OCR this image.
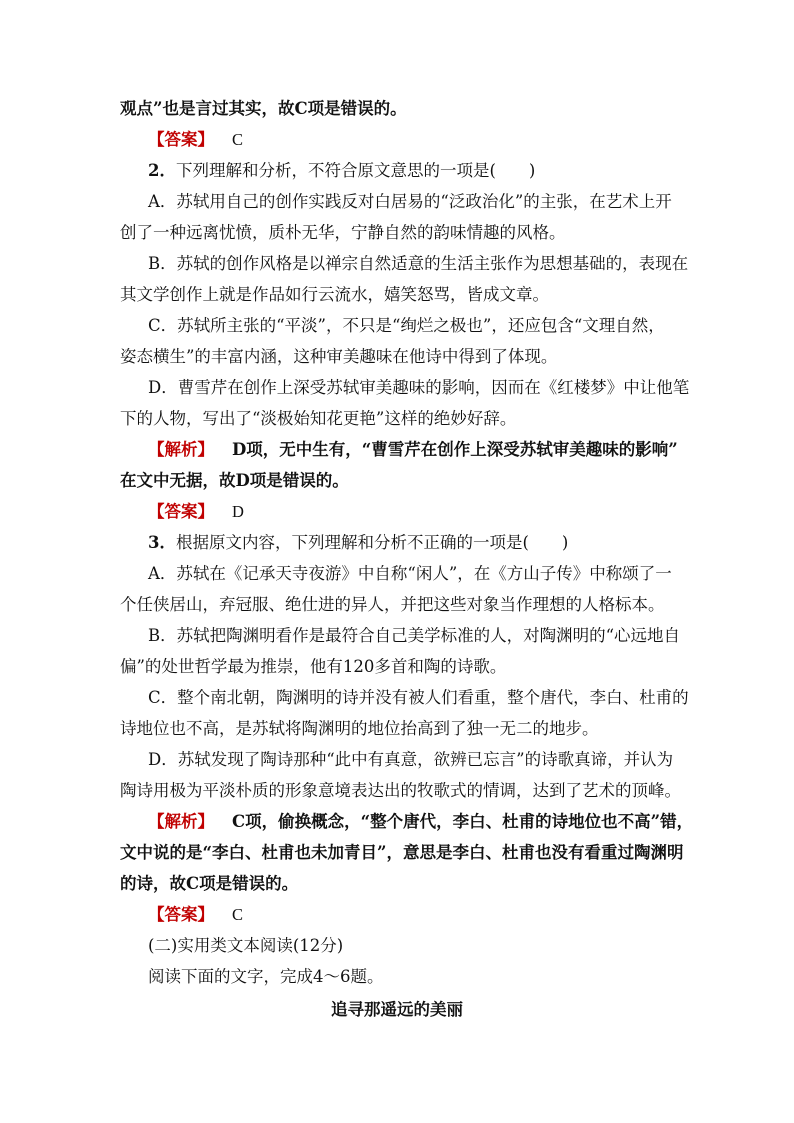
观点”也是言过其实，故C项是错误的。
【答案】 C
2．下列理解和分析，不符合原文意思的一项是(　　)
A．苏轼用自己的创作实践反对白居易的“泛政治化”的主张，在艺术上开
创了一种远离忧愤，质朴无华，宁静自然的韵味情趣的风格。
B．苏轼的创作风格是以禅宗自然适意的生活主张作为思想基础的，表现在
其文学创作上就是作品如行云流水，嬉笑怒骂，皆成文章。
C．苏轼所主张的“平淡”，不只是“绚烂之极也”，还应包含“文理自然，
姿态横生”的丰富内涵，这种审美趣味在他诗中得到了体现。
D．曹雪芹在创作上深受苏轼审美趣味的影响，因而在《红楼梦》中让他笔
下的人物，写出了“淡极始知花更艳”这样的绝妙好辞。
【解析】 D项，无中生有，“曹雪芹在创作上深受苏轼审美趣味的影响”
在文中无据，故D项是错误的。
【答案】 D
3．根据原文内容，下列理解和分析不正确的一项是(　　)
A．苏轼在《记承天寺夜游》中自称“闲人”，在《方山子传》中称颂了一
个任侠居山，弃冠服、绝仕进的异人，并把这些对象当作理想的人格标本。
B．苏轼把陶渊明看作是最符合自己美学标准的人，对陶渊明的“心远地自
偏”的处世哲学最为推崇，他有120多首和陶的诗歌。
C．整个南北朝，陶渊明的诗并没有被人们看重，整个唐代，李白、杜甫的
诗地位也不高，是苏轼将陶渊明的地位抬高到了独一无二的地步。
D．苏轼发现了陶诗那种“此中有真意，欲辨已忘言”的诗歌真谛，并认为
陶诗用极为平淡朴质的形象意境表达出的牧歌式的情调，达到了艺术的顶峰。
【解析】 C项，偷换概念，“整个唐代，李白、杜甫的诗地位也不高”错，
文中说的是“李白、杜甫也未加青目”，意思是李白、杜甫也没有看重过陶渊明
的诗，故C项是错误的。
【答案】 C
(二)实用类文本阅读(12分)
阅读下面的文字，完成4～6题。
追寻那遥远的美丽
